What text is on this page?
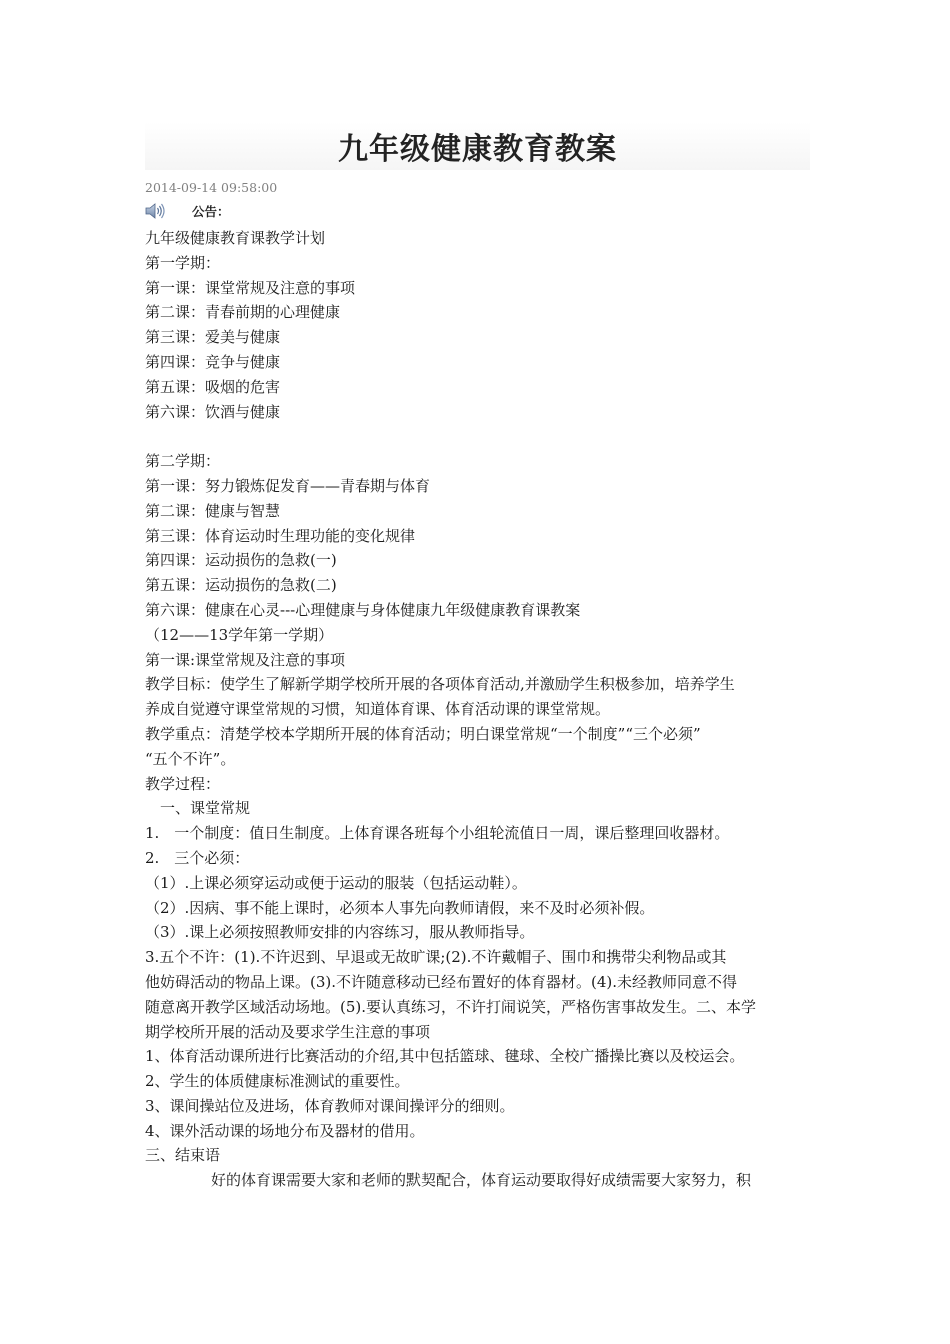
九年级健康教育教案
2014-09-14 09:58:00
公告：
九年级健康教育课教学计划
第一学期：
第一课：课堂常规及注意的事项
第二课：青春前期的心理健康
第三课：爱美与健康
第四课：竞争与健康
第五课：吸烟的危害
第六课：饮酒与健康
第二学期：
第一课：努力锻炼促发育——青春期与体育
第二课：健康与智慧
第三课：体育运动时生理功能的变化规律
第四课：运动损伤的急救(一)
第五课：运动损伤的急救(二)
第六课：健康在心灵---心理健康与身体健康九年级健康教育课教案
（12——13学年第一学期）
第一课:课堂常规及注意的事项
教学目标：使学生了解新学期学校所开展的各项体育活动,并激励学生积极参加，培养学生
养成自觉遵守课堂常规的习惯，知道体育课、体育活动课的课堂常规。
教学重点：清楚学校本学期所开展的体育活动；明白课堂常规“一个制度”“三个必须”
“五个不许”。
教学过程：
一、课堂常规
1.　一个制度：值日生制度。上体育课各班每个小组轮流值日一周，课后整理回收器材。
2.　三个必须：
（1）.上课必须穿运动或便于运动的服装（包括运动鞋）。
（2）.因病、事不能上课时，必须本人事先向教师请假，来不及时必须补假。
（3）.课上必须按照教师安排的内容练习，服从教师指导。
3.五个不许：(1).不许迟到、早退或无故旷课;(2).不许戴帽子、围巾和携带尖利物品或其
他妨碍活动的物品上课。(3).不许随意移动已经布置好的体育器材。(4).未经教师同意不得
随意离开教学区域活动场地。(5).要认真练习，不许打闹说笑，严格伤害事故发生。二、本学
期学校所开展的活动及要求学生注意的事项
1、体育活动课所进行比赛活动的介绍,其中包括篮球、毽球、全校广播操比赛以及校运会。
2、学生的体质健康标准测试的重要性。
3、课间操站位及进场，体育教师对课间操评分的细则。
4、课外活动课的场地分布及器材的借用。
三、结束语
好的体育课需要大家和老师的默契配合，体育运动要取得好成绩需要大家努力，积
